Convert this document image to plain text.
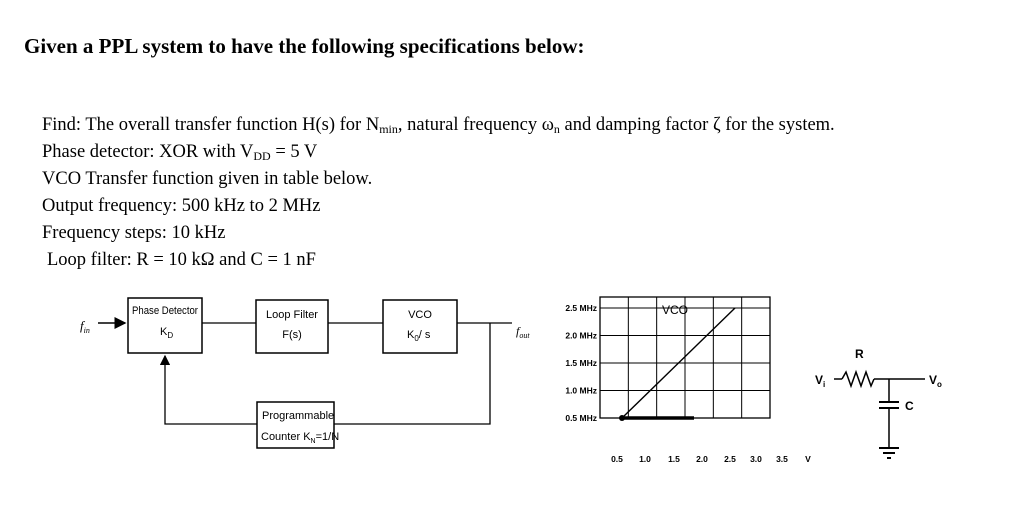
Given a PPL system to have the following specifications below:
Find: The overall transfer function H(s) for $N_{min}$, natural frequency $\omega_n$ and damping factor ζ for the system.
Phase detector: XOR with $V_{DD} = 5$ V
VCO Transfer function given in table below.
Output frequency: 500 kHz to 2 MHz
Frequency steps: 10 kHz
Loop filter: R = 10 kΩ and C = 1 nF
$f_{in}$
Phase Detector
$K_D$
Loop Filter
F(s)
VCO
$K_0/$ s	$f_{out}$
Programmable
Counter $K_N=1/N$
VCO
2.5 MHz
2.0 MHz
1.5 MHz
1.0 MHz
0.5 MHz
0.5 1.0 1.5 2.0 2.5 3.0 3.5 V
$V_i$
R
$V_o$
C
